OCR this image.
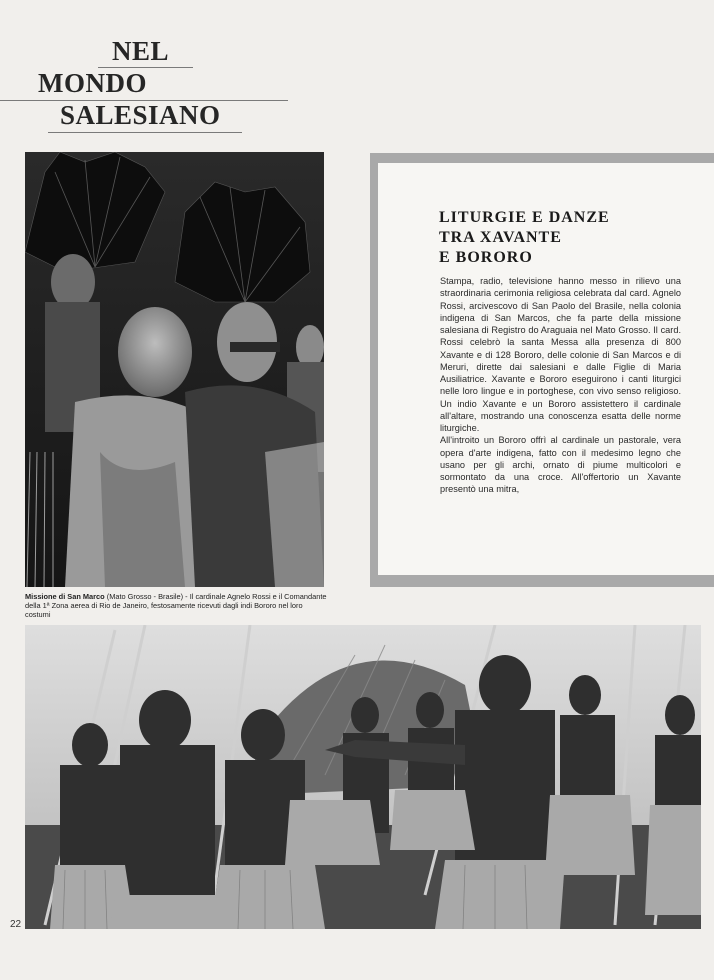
NEL
MONDO
SALESIANO
Missione di San Marco (Mato Grosso - Brasile) - Il cardinale Agnelo Rossi e il Comandante della 1ª Zona aerea di Rio de Janeiro, festosamente ricevuti dagli indi Bororo nel loro costumi
LITURGIE E DANZE
TRA XAVANTE
E BORORO

Stampa, radio, televisione hanno messo in rilievo una straordinaria cerimonia religiosa celebrata dal card. Agnelo Rossi, arcivescovo di San Paolo del Brasile, nella colonia indigena di San Marcos, che fa parte della missione salesiana di Registro do Araguaia nel Mato Grosso. Il card. Rossi celebrò la santa Messa alla presenza di 800 Xavante e di 128 Bororo, delle colonie di San Marcos e di Meruri, dirette dai salesiani e dalle Figlie di Maria Ausiliatrice. Xavante e Bororo eseguirono i canti liturgici nelle loro lingue e in portoghese, con vivo senso religioso. Un indio Xavante e un Bororo assistettero il cardinale all'altare, mostrando una conoscenza esatta delle norme liturgiche.

All'introito un Bororo offrì al cardinale un pastorale, vera opera d'arte indigena, fatto con il medesimo legno che usano per gli archi, ornato di piume multicolori e sormontato da una croce. All'offertorio un Xavante presentò una mitra,

22
